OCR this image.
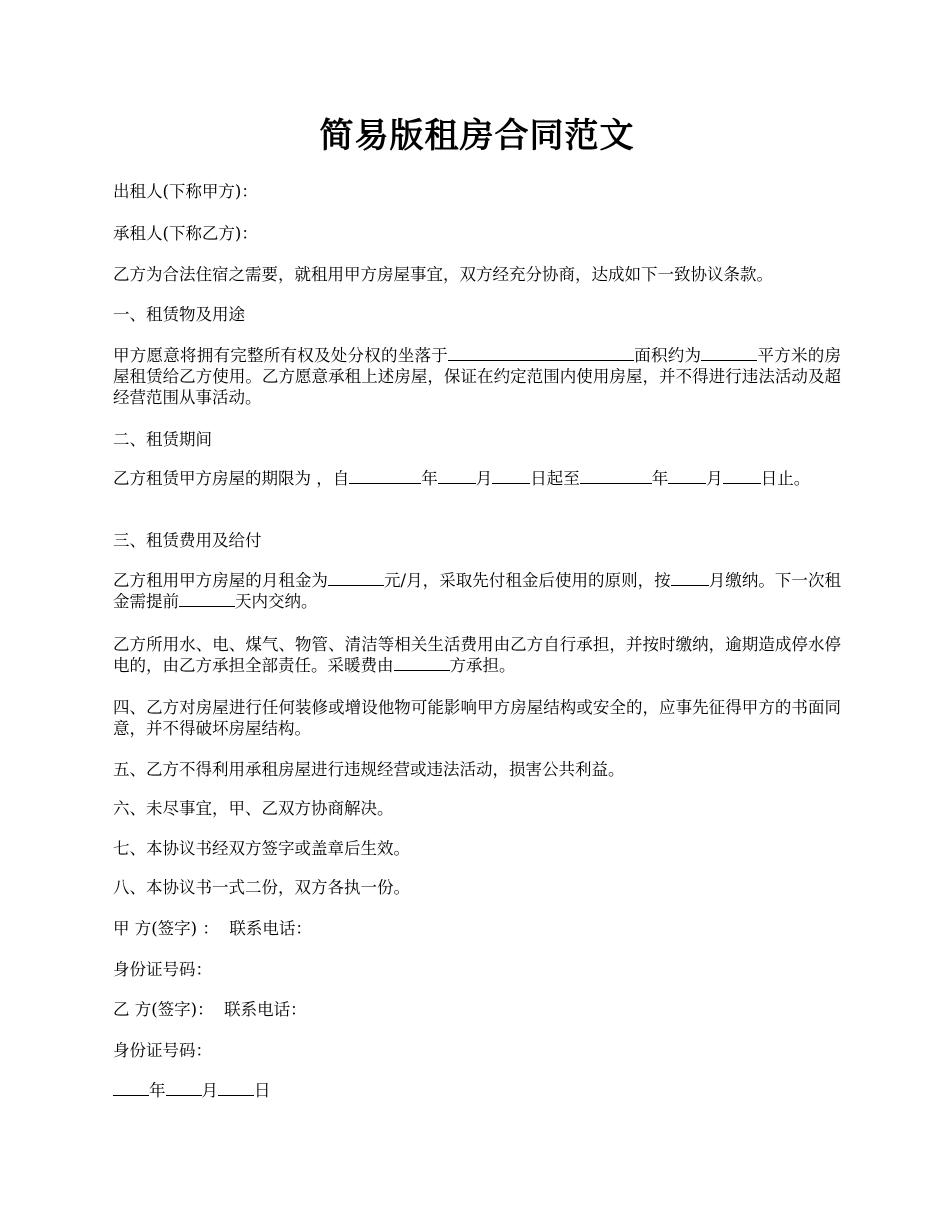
简易版租房合同范文

出租人(下称甲方)：

承租人(下称乙方)：

乙方为合法住宿之需要，就租用甲方房屋事宜，双方经充分协商，达成如下一致协议条款。

一、租赁物及用途

甲方愿意将拥有完整所有权及处分权的坐落于	面积约为	平方米的房屋租赁给乙方使用。乙方愿意承租上述房屋，保证在约定范围内使用房屋，并不得进行违法活动及超经营范围从事活动。

二、租赁期间

乙方租赁甲方房屋的期限为 ，自	年 月 日起至	年 月 日止。

三、租赁费用及给付

乙方租用甲方房屋的月租金为	元/月，采取先付租金后使用的原则，按 月缴纳。下一次租金需提前	天内交纳。

乙方所用水、电、煤气、物管、清洁等相关生活费用由乙方自行承担，并按时缴纳，逾期造成停水停电的，由乙方承担全部责任。采暖费由	方承担。

四、乙方对房屋进行任何装修或增设他物可能影响甲方房屋结构或安全的，应事先征得甲方的书面同意，并不得破坏房屋结构。

五、乙方不得利用承租房屋进行违规经营或违法活动，损害公共利益。

六、未尽事宜，甲、乙双方协商解决。

七、本协议书经双方签字或盖章后生效。

八、本协议书一式二份，双方各执一份。

甲 方(签字) ：  联系电话：

身份证号码：

乙 方(签字)：  联系电话：

身份证号码：

年 月 日
